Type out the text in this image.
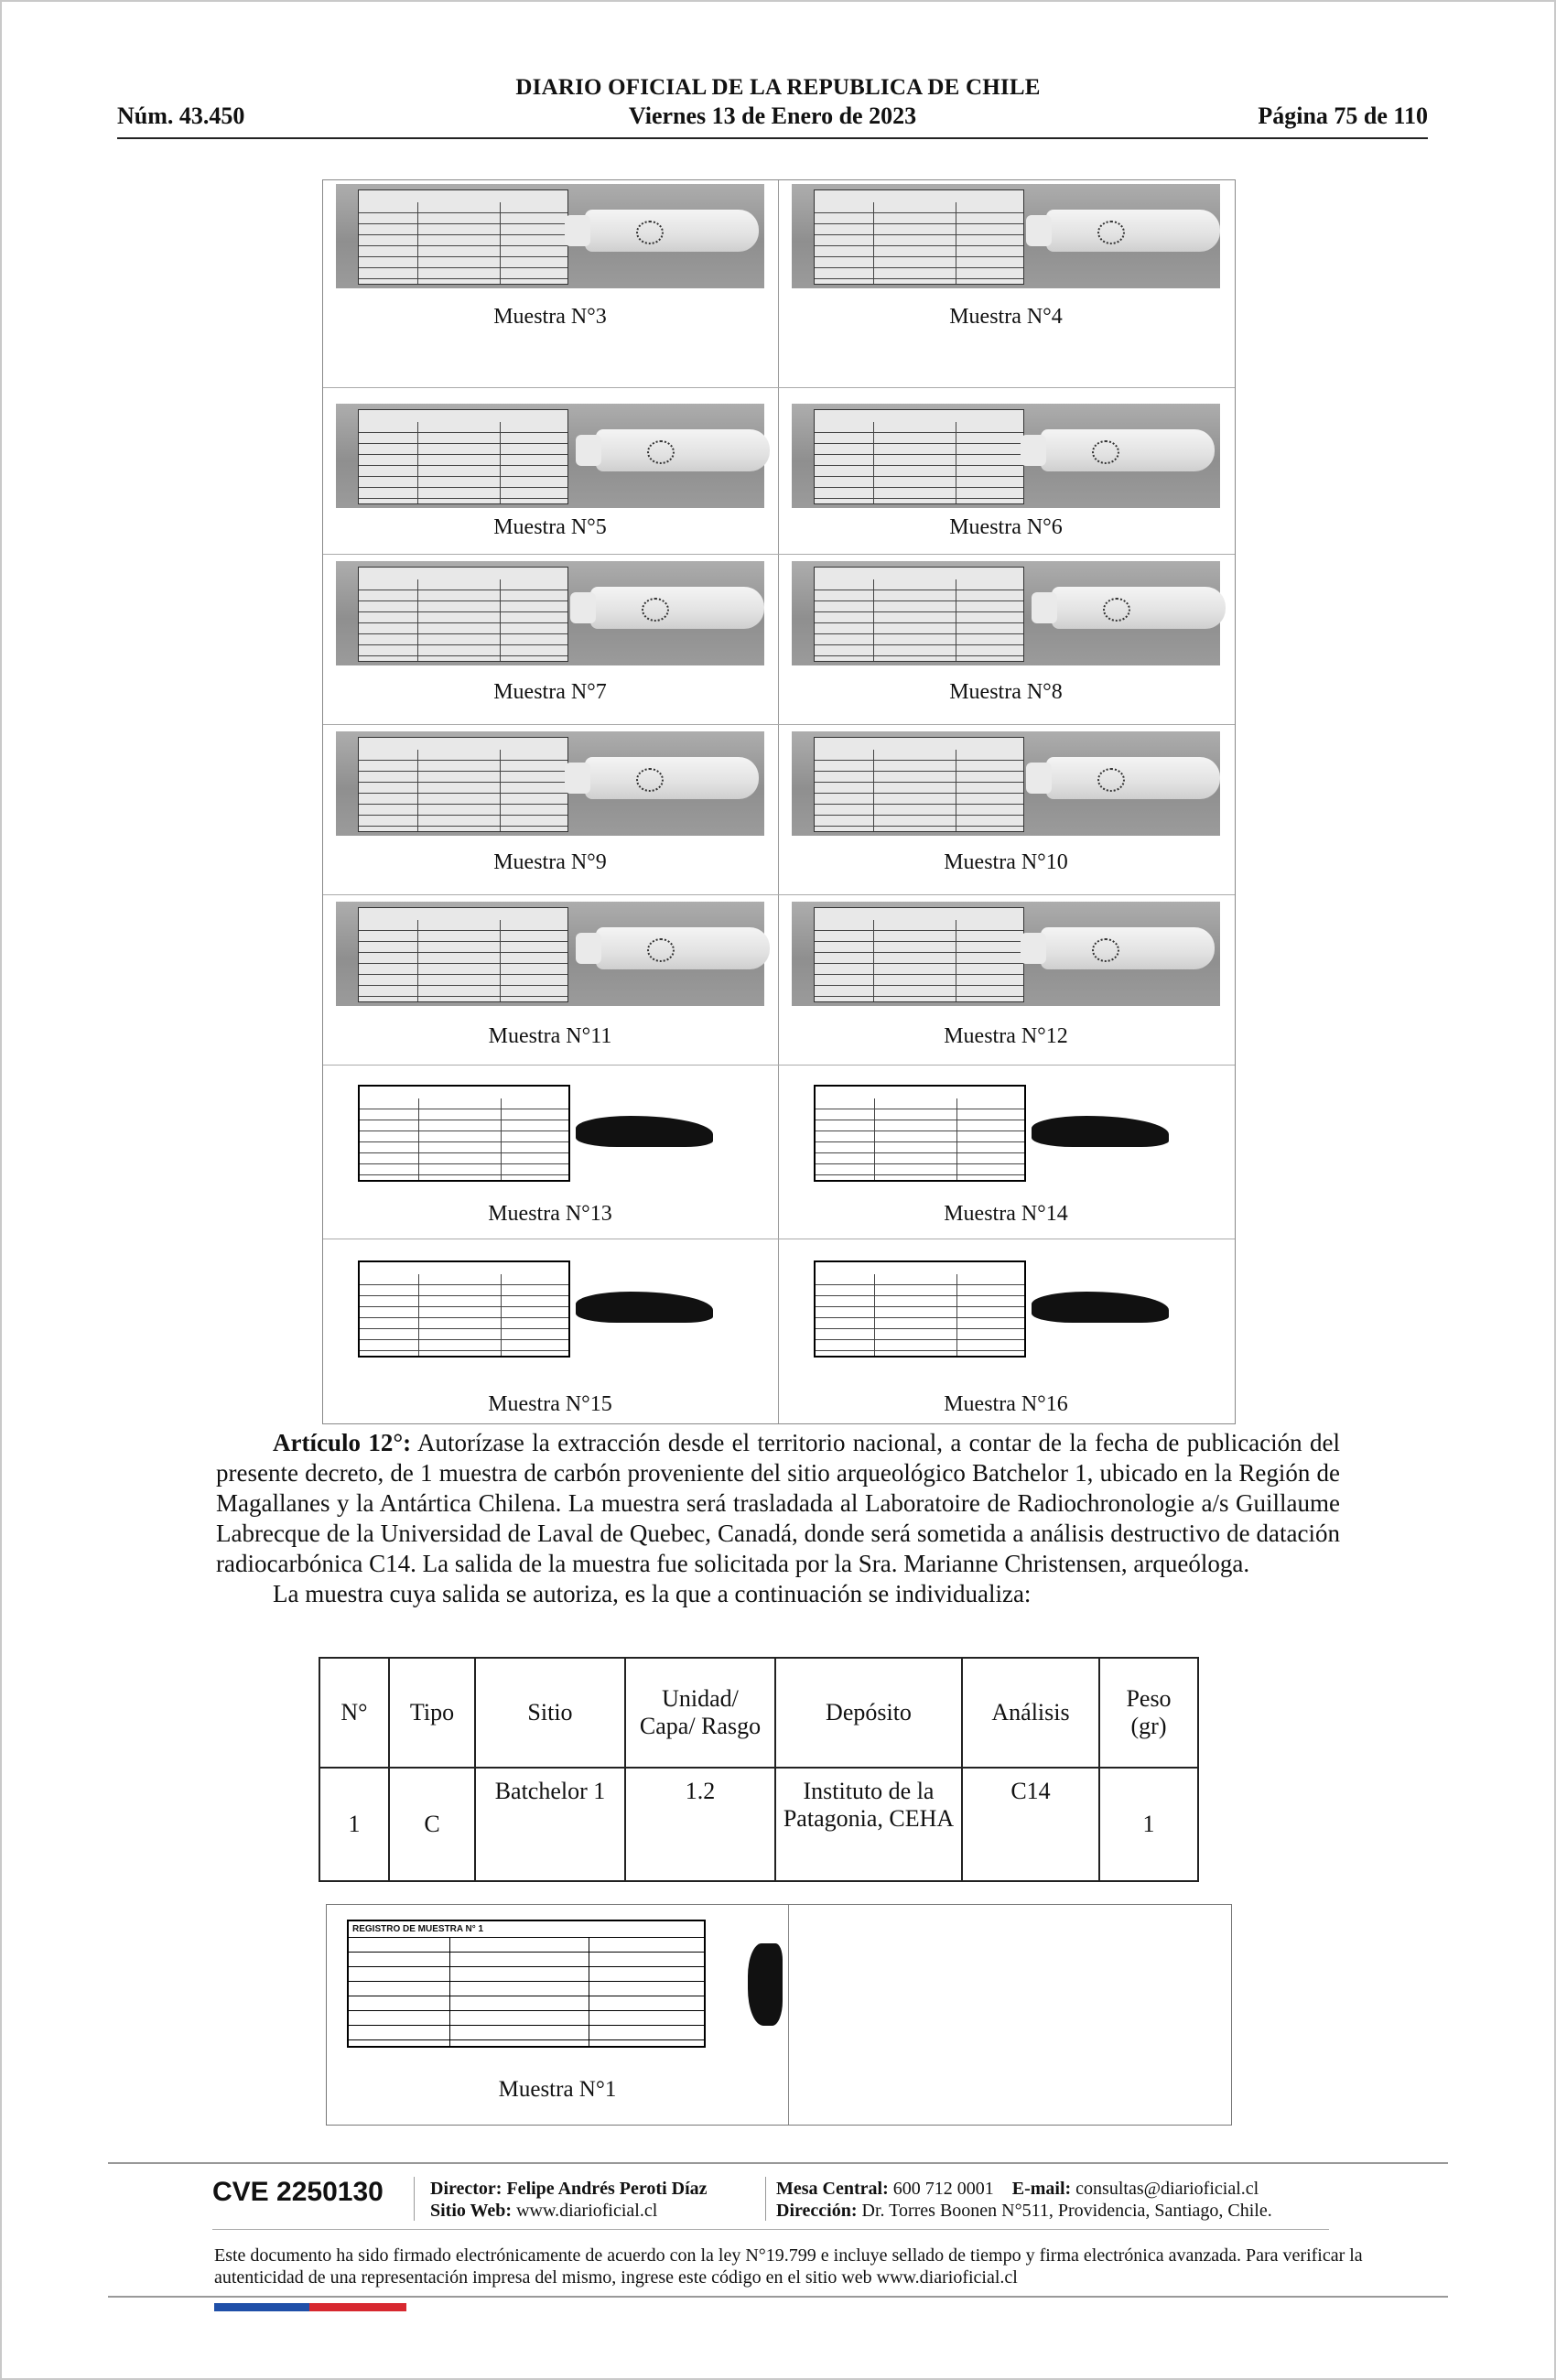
DIARIO OFICIAL DE LA REPUBLICA DE CHILE
Núm. 43.450	Viernes 13 de Enero de 2023	Página 75 de 110
Muestra N°3	Muestra N°4
Muestra N°5	Muestra N°6
Muestra N°7	Muestra N°8
Muestra N°9	Muestra N°10
Muestra N°11	Muestra N°12
Muestra N°13	Muestra N°14
Muestra N°15	Muestra N°16

Artículo 12°: Autorízase la extracción desde el territorio nacional, a contar de la fecha de publicación del presente decreto, de 1 muestra de carbón proveniente del sitio arqueológico Batchelor 1, ubicado en la Región de Magallanes y la Antártica Chilena. La muestra será trasladada al Laboratoire de Radiochronologie a/s Guillaume Labrecque de la Universidad de Laval de Quebec, Canadá, donde será sometida a análisis destructivo de datación radiocarbónica C14. La salida de la muestra fue solicitada por la Sra. Marianne Christensen, arqueóloga.

La muestra cuya salida se autoriza, es la que a continuación se individualiza:

N°	Tipo	Sitio	Unidad/ Capa/ Rasgo	Depósito	Análisis	Peso (gr)
1	C	Batchelor 1	1.2	Instituto de la Patagonia, CEHA	C14	1
REGISTRO DE MUESTRA N° 1
Muestra N°1
CVE 2250130	Director: Felipe Andrés Peroti Díaz
Sitio Web: www.diarioficial.cl
Mesa Central: 600 712 0001 E-mail: consultas@diarioficial.cl
Dirección: Dr. Torres Boonen N°511, Providencia, Santiago, Chile.
Este documento ha sido firmado electrónicamente de acuerdo con la ley N°19.799 e incluye sellado de tiempo y firma electrónica avanzada. Para verificar la autenticidad de una representación impresa del mismo, ingrese este código en el sitio web www.diarioficial.cl
